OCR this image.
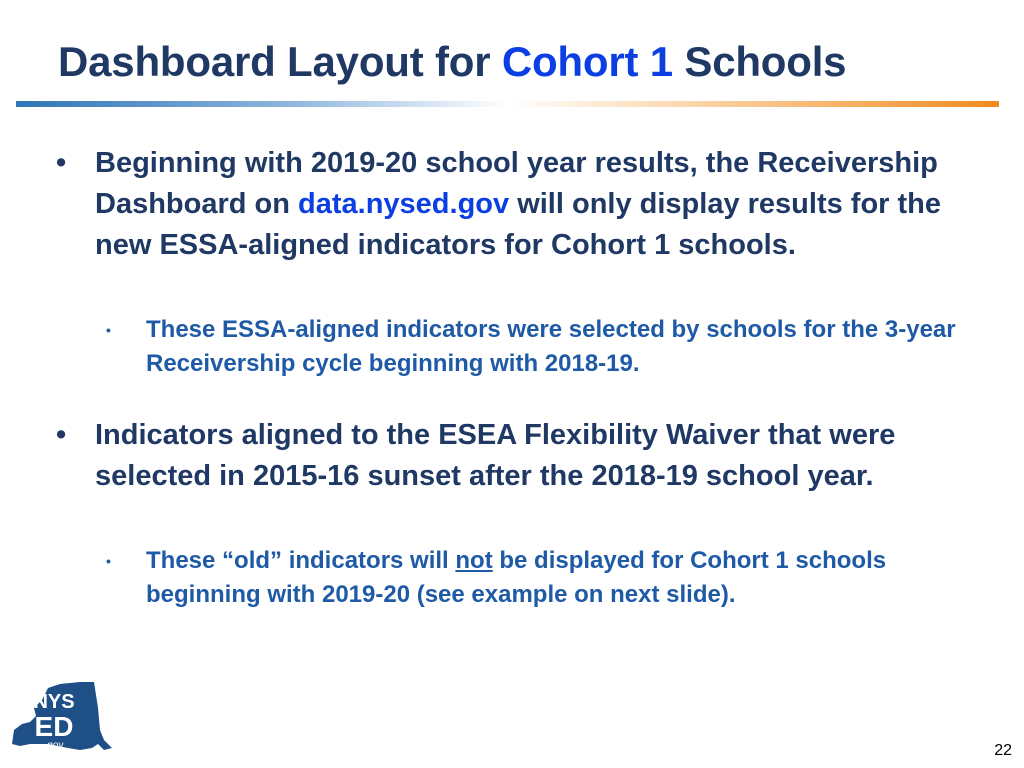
Dashboard Layout for Cohort 1 Schools
• Beginning with 2019-20 school year results, the Receivership Dashboard on data.nysed.gov will only display results for the new ESSA-aligned indicators for Cohort 1 schools.
• These ESSA-aligned indicators were selected by schools for the 3-year Receivership cycle beginning with 2018-19.
• Indicators aligned to the ESEA Flexibility Waiver that were selected in 2015-16 sunset after the 2018-19 school year.
• These “old” indicators will not be displayed for Cohort 1 schools beginning with 2019-20 (see example on next slide).
NYS
ED
.gov	22
